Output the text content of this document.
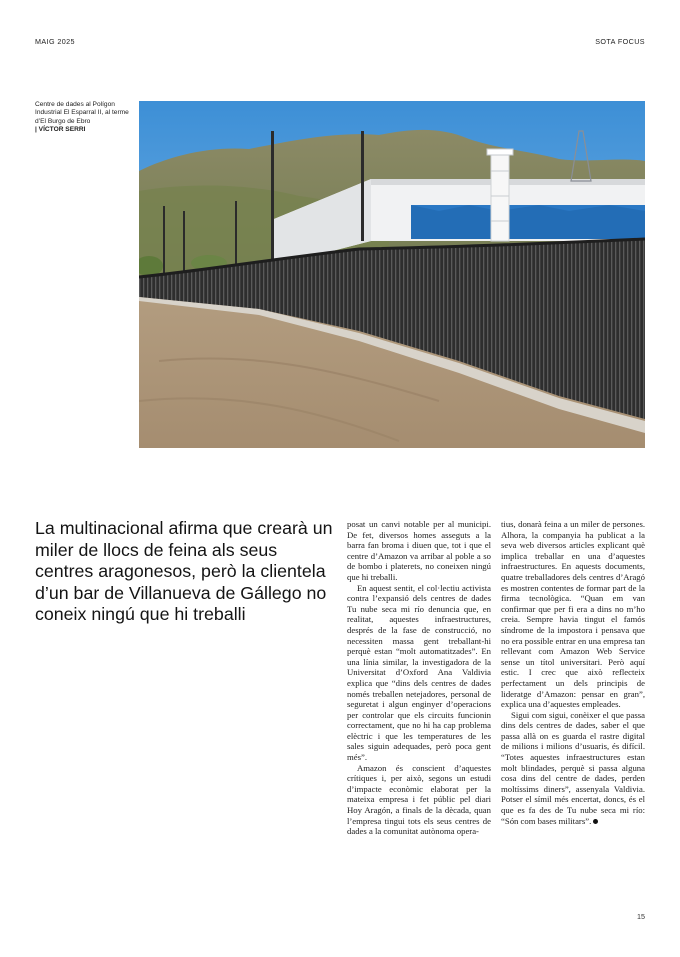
MAIG 2025	SOTA FOCUS
Centre de dades al Polígon Industrial El Esparral II, al terme d’El Burgo de Ebro
| VÍCTOR SERRI
La multinacional afirma que crearà un miler de llocs de feina als seus centres aragonesos, però la clientela d’un bar de Villanueva de Gállego no coneix ningú que hi treballi

posat un canvi notable per al municipi. De fet, diversos homes asseguts a la barra fan broma i diuen que, tot i que el centre d’Amazon va arribar al poble a so de bombo i platerets, no coneixen ningú que hi treballi.

En aquest sentit, el col·lectiu activista contra l’expansió dels centres de dades Tu nube seca mi río denuncia que, en realitat, aquestes infraestructures, després de la fase de construcció, no necessiten massa gent treballant-hi perquè estan “molt automatitzades”. En una línia similar, la investigadora de la Universitat d’Oxford Ana Valdivia explica que “dins dels centres de dades només treballen netejadores, personal de seguretat i algun enginyer d’operacions per controlar que els circuits funcionin correctament, que no hi ha cap problema elèctric i que les temperatures de les sales siguin adequades, però poca gent més”.

Amazon és conscient d’aquestes crítiques i, per això, segons un estudi d’impacte econòmic elaborat per la mateixa empresa i fet públic pel diari Hoy Aragón, a finals de la dècada, quan l’empresa tingui tots els seus centres de dades a la comunitat autònoma opera-

tius, donarà feina a un miler de persones. Alhora, la companyia ha publicat a la seva web diversos articles explicant què implica treballar en una d’aquestes infraestructures. En aquests documents, quatre treballadores dels centres d’Aragó es mostren contentes de formar part de la firma tecnològica. “Quan em van confirmar que per fi era a dins no m’ho creia. Sempre havia tingut el famós síndrome de la impostora i pensava que no era possible entrar en una empresa tan rellevant com Amazon Web Service sense un títol universitari. Però aquí estic. I crec que això reflecteix perfectament un dels principis de lideratge d’Amazon: pensar en gran”, explica una d’aquestes empleades.

Sigui com sigui, conèixer el que passa dins dels centres de dades, saber el que passa allà on es guarda el rastre digital de milions i milions d’usuaris, és difícil. “Totes aquestes infraestructures estan molt blindades, perquè si passa alguna cosa dins del centre de dades, perden moltíssims diners”, assenyala Valdivia. Potser el símil més encertat, doncs, és el que es fa des de Tu nube seca mi río: “Són com bases militars”.

15
